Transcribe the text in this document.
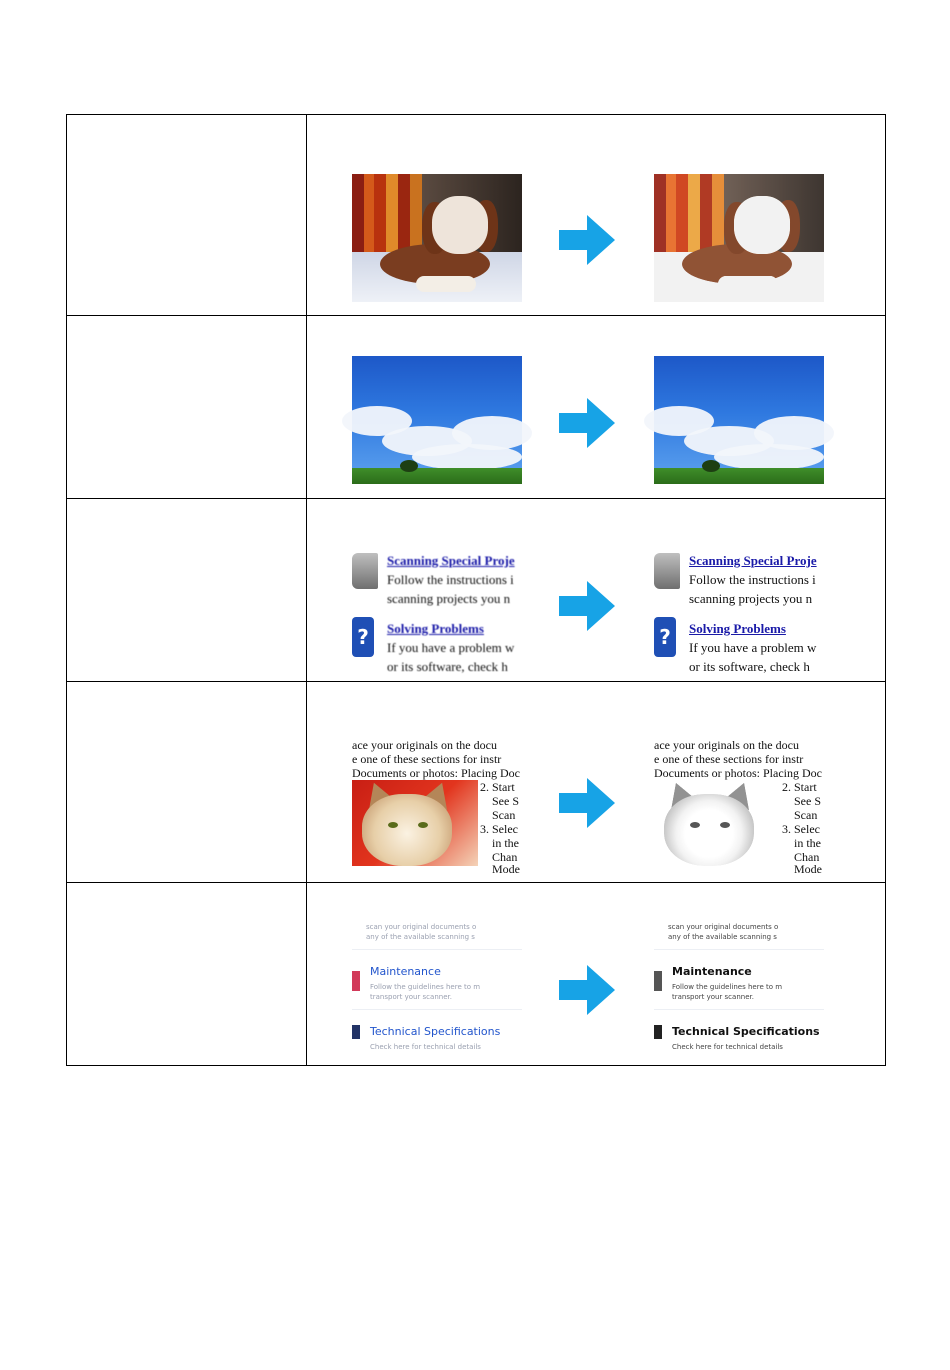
Scanning Special Proje
Follow the instructions i
scanning projects you n
?	Solving Problems
If you have a problem w
or its software, check h
Scanning Special Proje
Follow the instructions i
scanning projects you n
?	Solving Problems
If you have a problem w
or its software, check h
ace your originals on the docu
e one of these sections for instr
Documents or photos: Placing Doc
2. Start
See S
Scan
3. Selec
in the
Chan
Mode
ace your originals on the docu
e one of these sections for instr
Documents or photos: Placing Doc
2. Start
See S
Scan
3. Selec
in the
Chan
Mode
scan your original documents o
any of the available scanning s
Maintenance
Follow the guidelines here to m
transport your scanner.
Technical Specifications
Check here for technical details
scan your original documents o
any of the available scanning s
Maintenance
Follow the guidelines here to m
transport your scanner.
Technical Specifications
Check here for technical details
